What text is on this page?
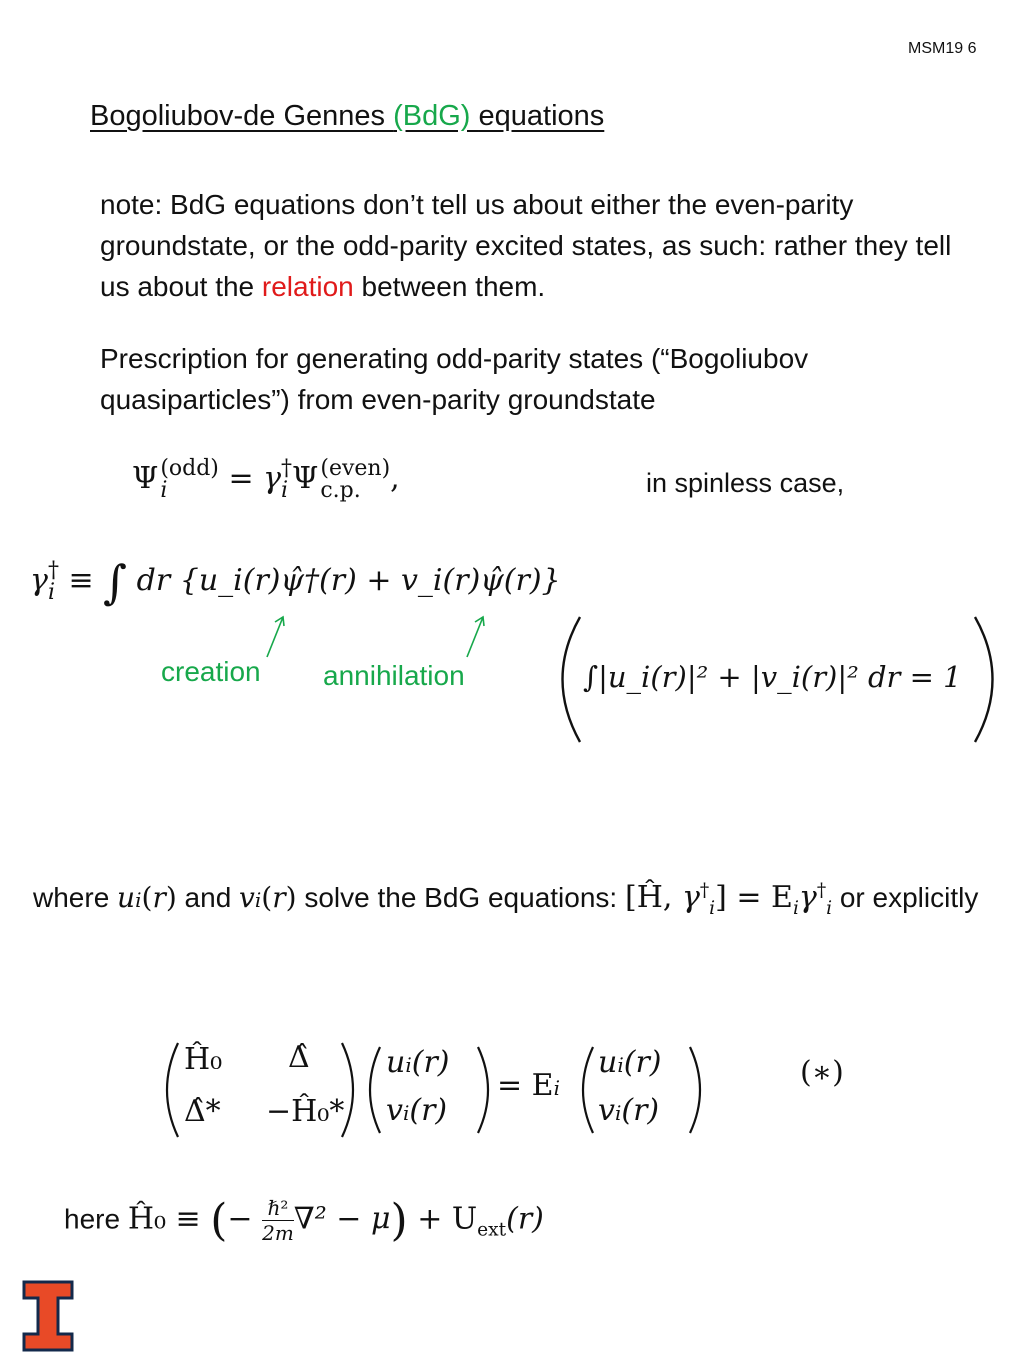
MSM19 6
Bogoliubov-de Gennes (BdG) equations
note: BdG equations don’t tell us about either the even-parity groundstate, or the odd-parity excited states, as such: rather they tell us about the relation between them.
Prescription for generating odd-parity states (“Bogoliubov quasiparticles”) from even-parity groundstate
Ψ (odd)
i	= γ †
i Ψ (even)
c.p. ,	in spinless case,
γ †
i ≡ ∫ dr {u_i(r)ψ̂†(r) + v_i(r)ψ̂(r)}
creation annihilation	∫|u_i(r)|² + |v_i(r)|² dr = 1
where ui(r) and vi(r) solve the BdG equations: [Ĥ, $\gamma^\dagger_i] = E_i\gamma^\dagger_i$ or explicitly
Ĥ₀ Δ̂
Δ̂* −Ĥ₀*
ui(r)
vi(r)
= Ei
ui(r)
vi(r)
(∗)
here Ĥ₀ ≡ (− ℏ²
2m $\nabla^2 - \mu) + U_{ext}(r)$
